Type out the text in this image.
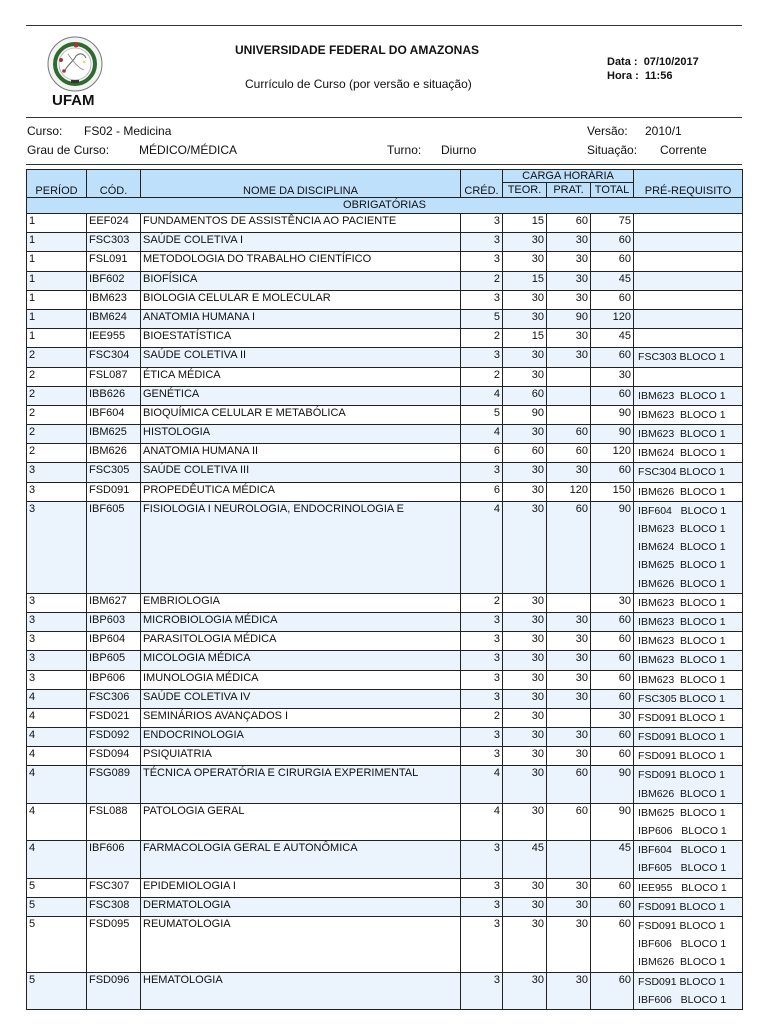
UFAM
UNIVERSIDADE FEDERAL DO AMAZONAS
Currículo de Curso (por versão e situação)
Data : 07/10/2017
Hora : 11:56
Curso: FS02 - Medicina	Versão: 2010/1
Grau de Curso: MÉDICO/MÉDICA	Turno: Diurno	Situação: Corrente
PERÍOD	CÓD.	NOME DA DISCIPLINA	CRÉD.	CARGA HORÁRIA			PRÉ-REQUISITO
				TEOR.	PRAT.	TOTAL	
OBRIGATÓRIAS							
1	EEF024	FUNDAMENTOS DE ASSISTÊNCIA AO PACIENTE	3	15	60	75	

1	FSC303	SAÚDE COLETIVA I	3	30	30	60	

1	FSL091	METODOLOGIA DO TRABALHO CIENTÍFICO	3	30	30	60	

1	IBF602	BIOFÍSICA	2	15	30	45	

1	IBM623	BIOLOGIA CELULAR E MOLECULAR	3	30	30	60	

1	IBM624	ANATOMIA HUMANA I	5	30	90	120	

1	IEE955	BIOESTATÍSTICA	2	15	30	45	

2	FSC304	SAÚDE COLETIVA II	3	30	30	60	FSC303 BLOCO 1

2	FSL087	ÉTICA MÉDICA	2	30		30	

2	IBB626	GENÉTICA	4	60		60	IBM623  BLOCO 1

2	IBF604	BIOQUÍMICA CELULAR E METABÓLICA	5	90		90	IBM623  BLOCO 1

2	IBM625	HISTOLOGIA	4	30	60	90	IBM623  BLOCO 1

2	IBM626	ANATOMIA HUMANA II	6	60	60	120	IBM624  BLOCO 1

3	FSC305	SAÚDE COLETIVA III	3	30	30	60	FSC304 BLOCO 1

3	FSD091	PROPEDÊUTICA MÉDICA	6	30	120	150	IBM626  BLOCO 1

3	IBF605	FISIOLOGIA I NEUROLOGIA, ENDOCRINOLOGIA E	4	30	60	90	IBF604   BLOCO 1
IBM623  BLOCO 1
IBM624  BLOCO 1
IBM625  BLOCO 1
IBM626  BLOCO 1

3	IBM627	EMBRIOLOGIA	2	30		30	IBM623  BLOCO 1

3	IBP603	MICROBIOLOGIA MÉDICA	3	30	30	60	IBM623  BLOCO 1

3	IBP604	PARASITOLOGIA MÉDICA	3	30	30	60	IBM623  BLOCO 1

3	IBP605	MICOLOGIA MÉDICA	3	30	30	60	IBM623  BLOCO 1

3	IBP606	IMUNOLOGIA MÉDICA	3	30	30	60	IBM623  BLOCO 1

4	FSC306	SAÚDE COLETIVA IV	3	30	30	60	FSC305 BLOCO 1

4	FSD021	SEMINÁRIOS AVANÇADOS I	2	30		30	FSD091 BLOCO 1

4	FSD092	ENDOCRINOLOGIA	3	30	30	60	FSD091 BLOCO 1

4	FSD094	PSIQUIATRIA	3	30	30	60	FSD091 BLOCO 1

4	FSG089	TÉCNICA OPERATÓRIA E CIRURGIA EXPERIMENTAL	4	30	60	90	FSD091 BLOCO 1
IBM626  BLOCO 1

4	FSL088	PATOLOGIA GERAL	4	30	60	90	IBM625  BLOCO 1
IBP606   BLOCO 1

4	IBF606	FARMACOLOGIA GERAL E AUTONÔMICA	3	45		45	IBF604   BLOCO 1
IBF605   BLOCO 1

5	FSC307	EPIDEMIOLOGIA I	3	30	30	60	IEE955   BLOCO 1

5	FSC308	DERMATOLOGIA	3	30	30	60	FSD091 BLOCO 1

5	FSD095	REUMATOLOGIA	3	30	30	60	FSD091 BLOCO 1
IBF606   BLOCO 1
IBM626  BLOCO 1

5	FSD096	HEMATOLOGIA	3	30	30	60	FSD091 BLOCO 1
IBF606   BLOCO 1
